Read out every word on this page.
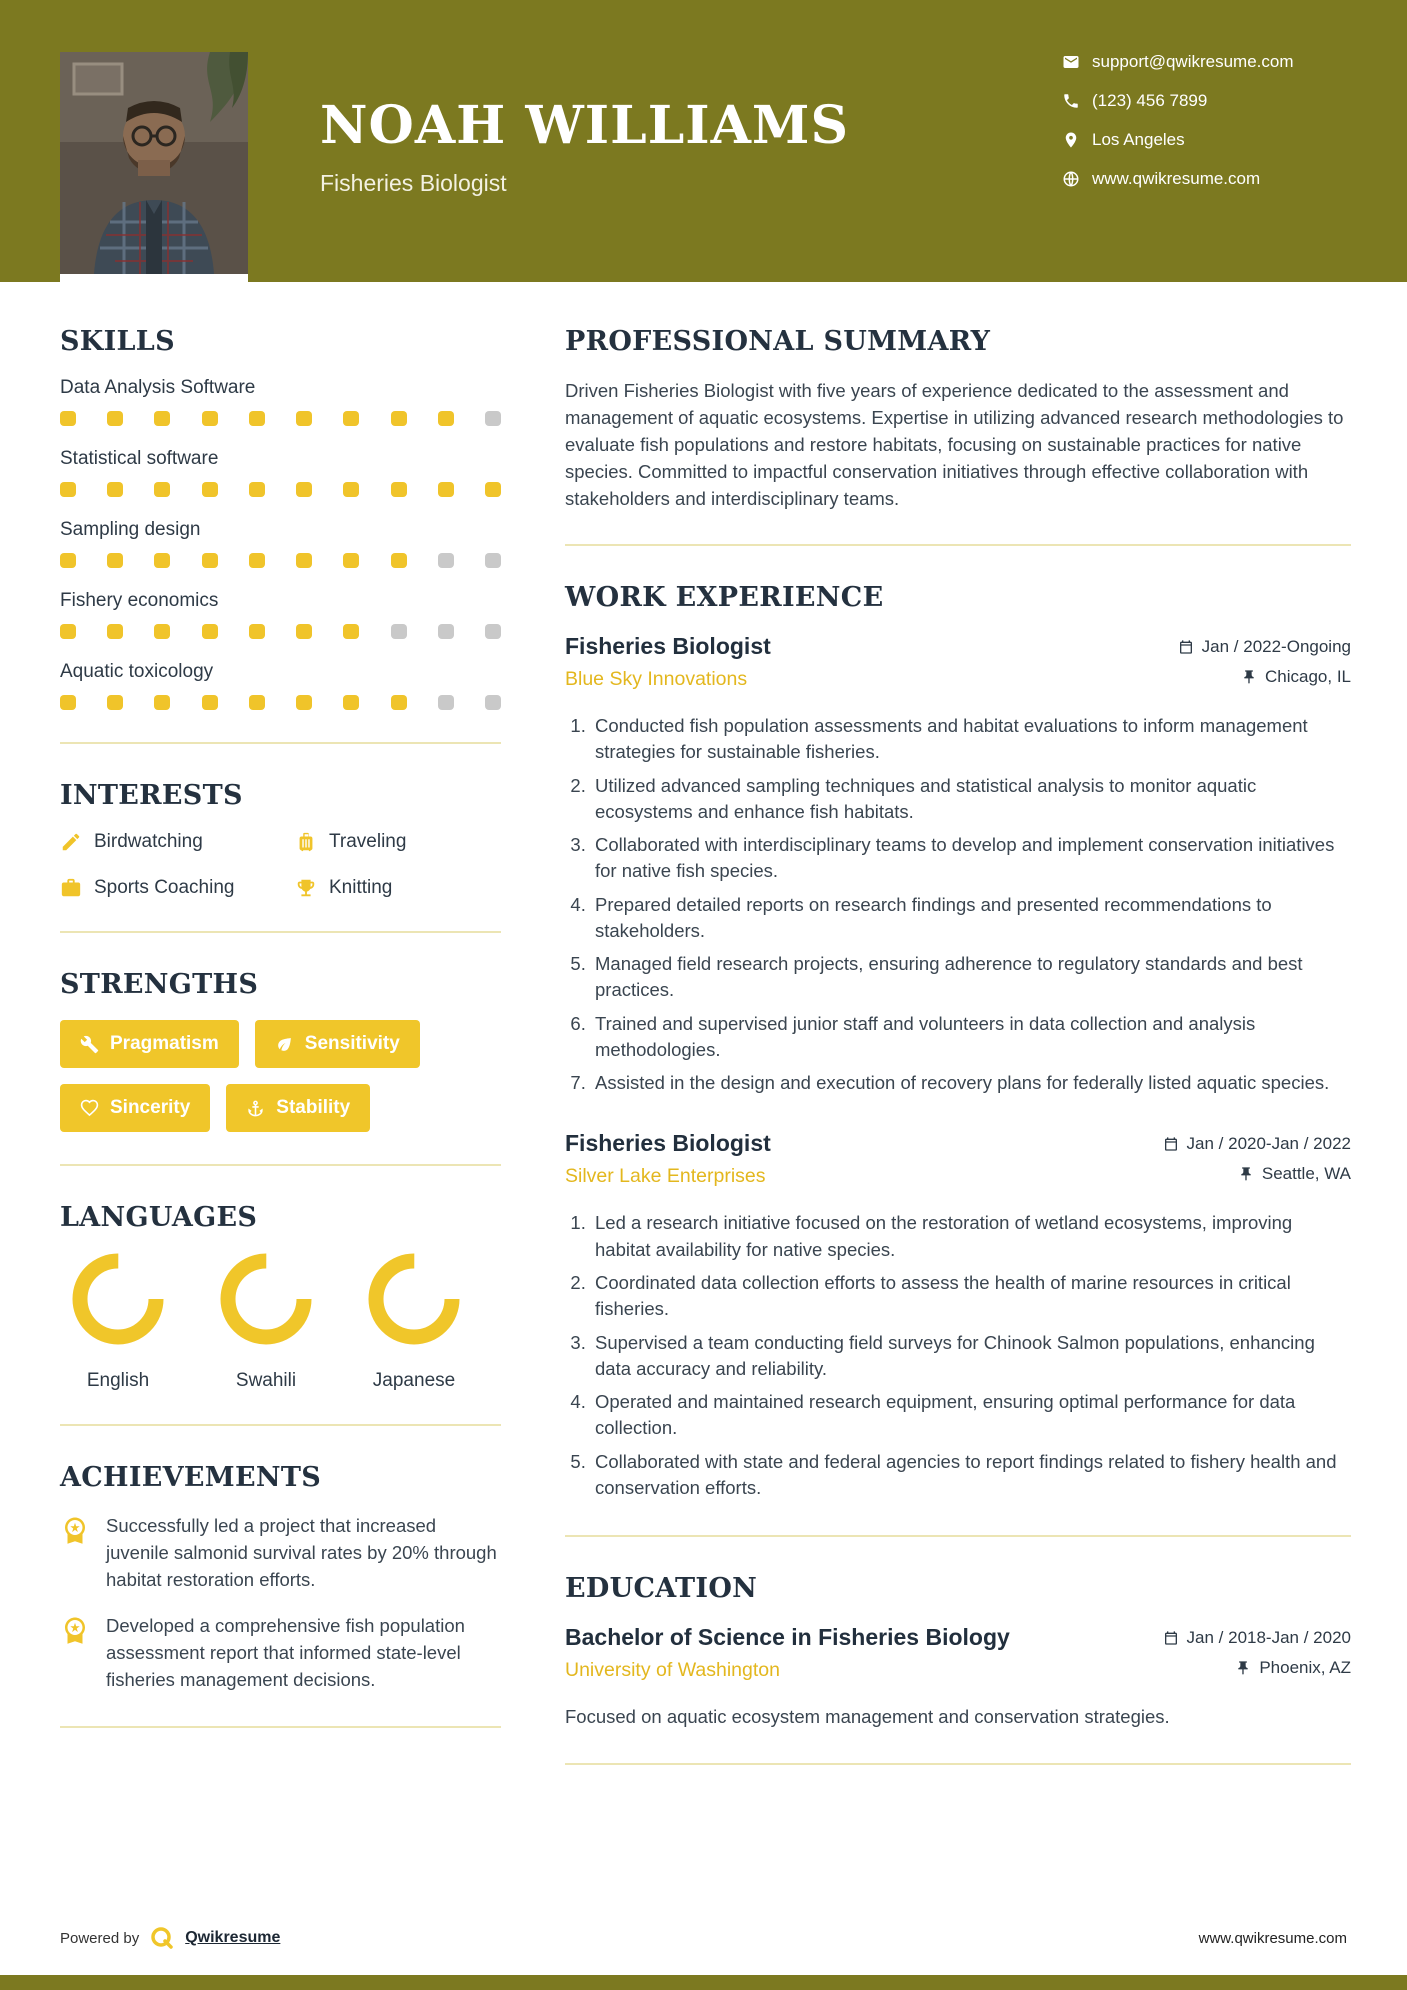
NOAH WILLIAMS
Fisheries Biologist
support@qwikresume.com
(123) 456 7899
Los Angeles
www.qwikresume.com
SKILLS
Data Analysis Software
Statistical software
Sampling design
Fishery economics
Aquatic toxicology
INTERESTS
Birdwatching	Traveling
Sports Coaching	Knitting
STRENGTHS
Pragmatism	Sensitivity
Sincerity	Stability
LANGUAGES
English	Swahili	Japanese
ACHIEVEMENTS

Successfully led a project that increased juvenile salmonid survival rates by 20% through habitat restoration efforts.

Developed a comprehensive fish population assessment report that informed state-level fisheries management decisions.

PROFESSIONAL SUMMARY

Driven Fisheries Biologist with five years of experience dedicated to the assessment and management of aquatic ecosystems. Expertise in utilizing advanced research methodologies to evaluate fish populations and restore habitats, focusing on sustainable practices for native species. Committed to impactful conservation initiatives through effective collaboration with stakeholders and interdisciplinary teams.

WORK EXPERIENCE
Fisheries Biologist
Blue Sky Innovations
Jan / 2022-Ongoing
Chicago, IL
1. Conducted fish population assessments and habitat evaluations to inform management strategies for sustainable fisheries.
2. Utilized advanced sampling techniques and statistical analysis to monitor aquatic ecosystems and enhance fish habitats.
3. Collaborated with interdisciplinary teams to develop and implement conservation initiatives for native fish species.
4. Prepared detailed reports on research findings and presented recommendations to stakeholders.
5. Managed field research projects, ensuring adherence to regulatory standards and best practices.
6. Trained and supervised junior staff and volunteers in data collection and analysis methodologies.
7. Assisted in the design and execution of recovery plans for federally listed aquatic species.
Fisheries Biologist
Silver Lake Enterprises
Jan / 2020-Jan / 2022
Seattle, WA
1. Led a research initiative focused on the restoration of wetland ecosystems, improving habitat availability for native species.
2. Coordinated data collection efforts to assess the health of marine resources in critical fisheries.
3. Supervised a team conducting field surveys for Chinook Salmon populations, enhancing data accuracy and reliability.
4. Operated and maintained research equipment, ensuring optimal performance for data collection.
5. Collaborated with state and federal agencies to report findings related to fishery health and conservation efforts.
EDUCATION
Bachelor of Science in Fisheries Biology
University of Washington
Jan / 2018-Jan / 2020
Phoenix, AZ

Focused on aquatic ecosystem management and conservation strategies.

Powered by	Qwikresume	www.qwikresume.com
